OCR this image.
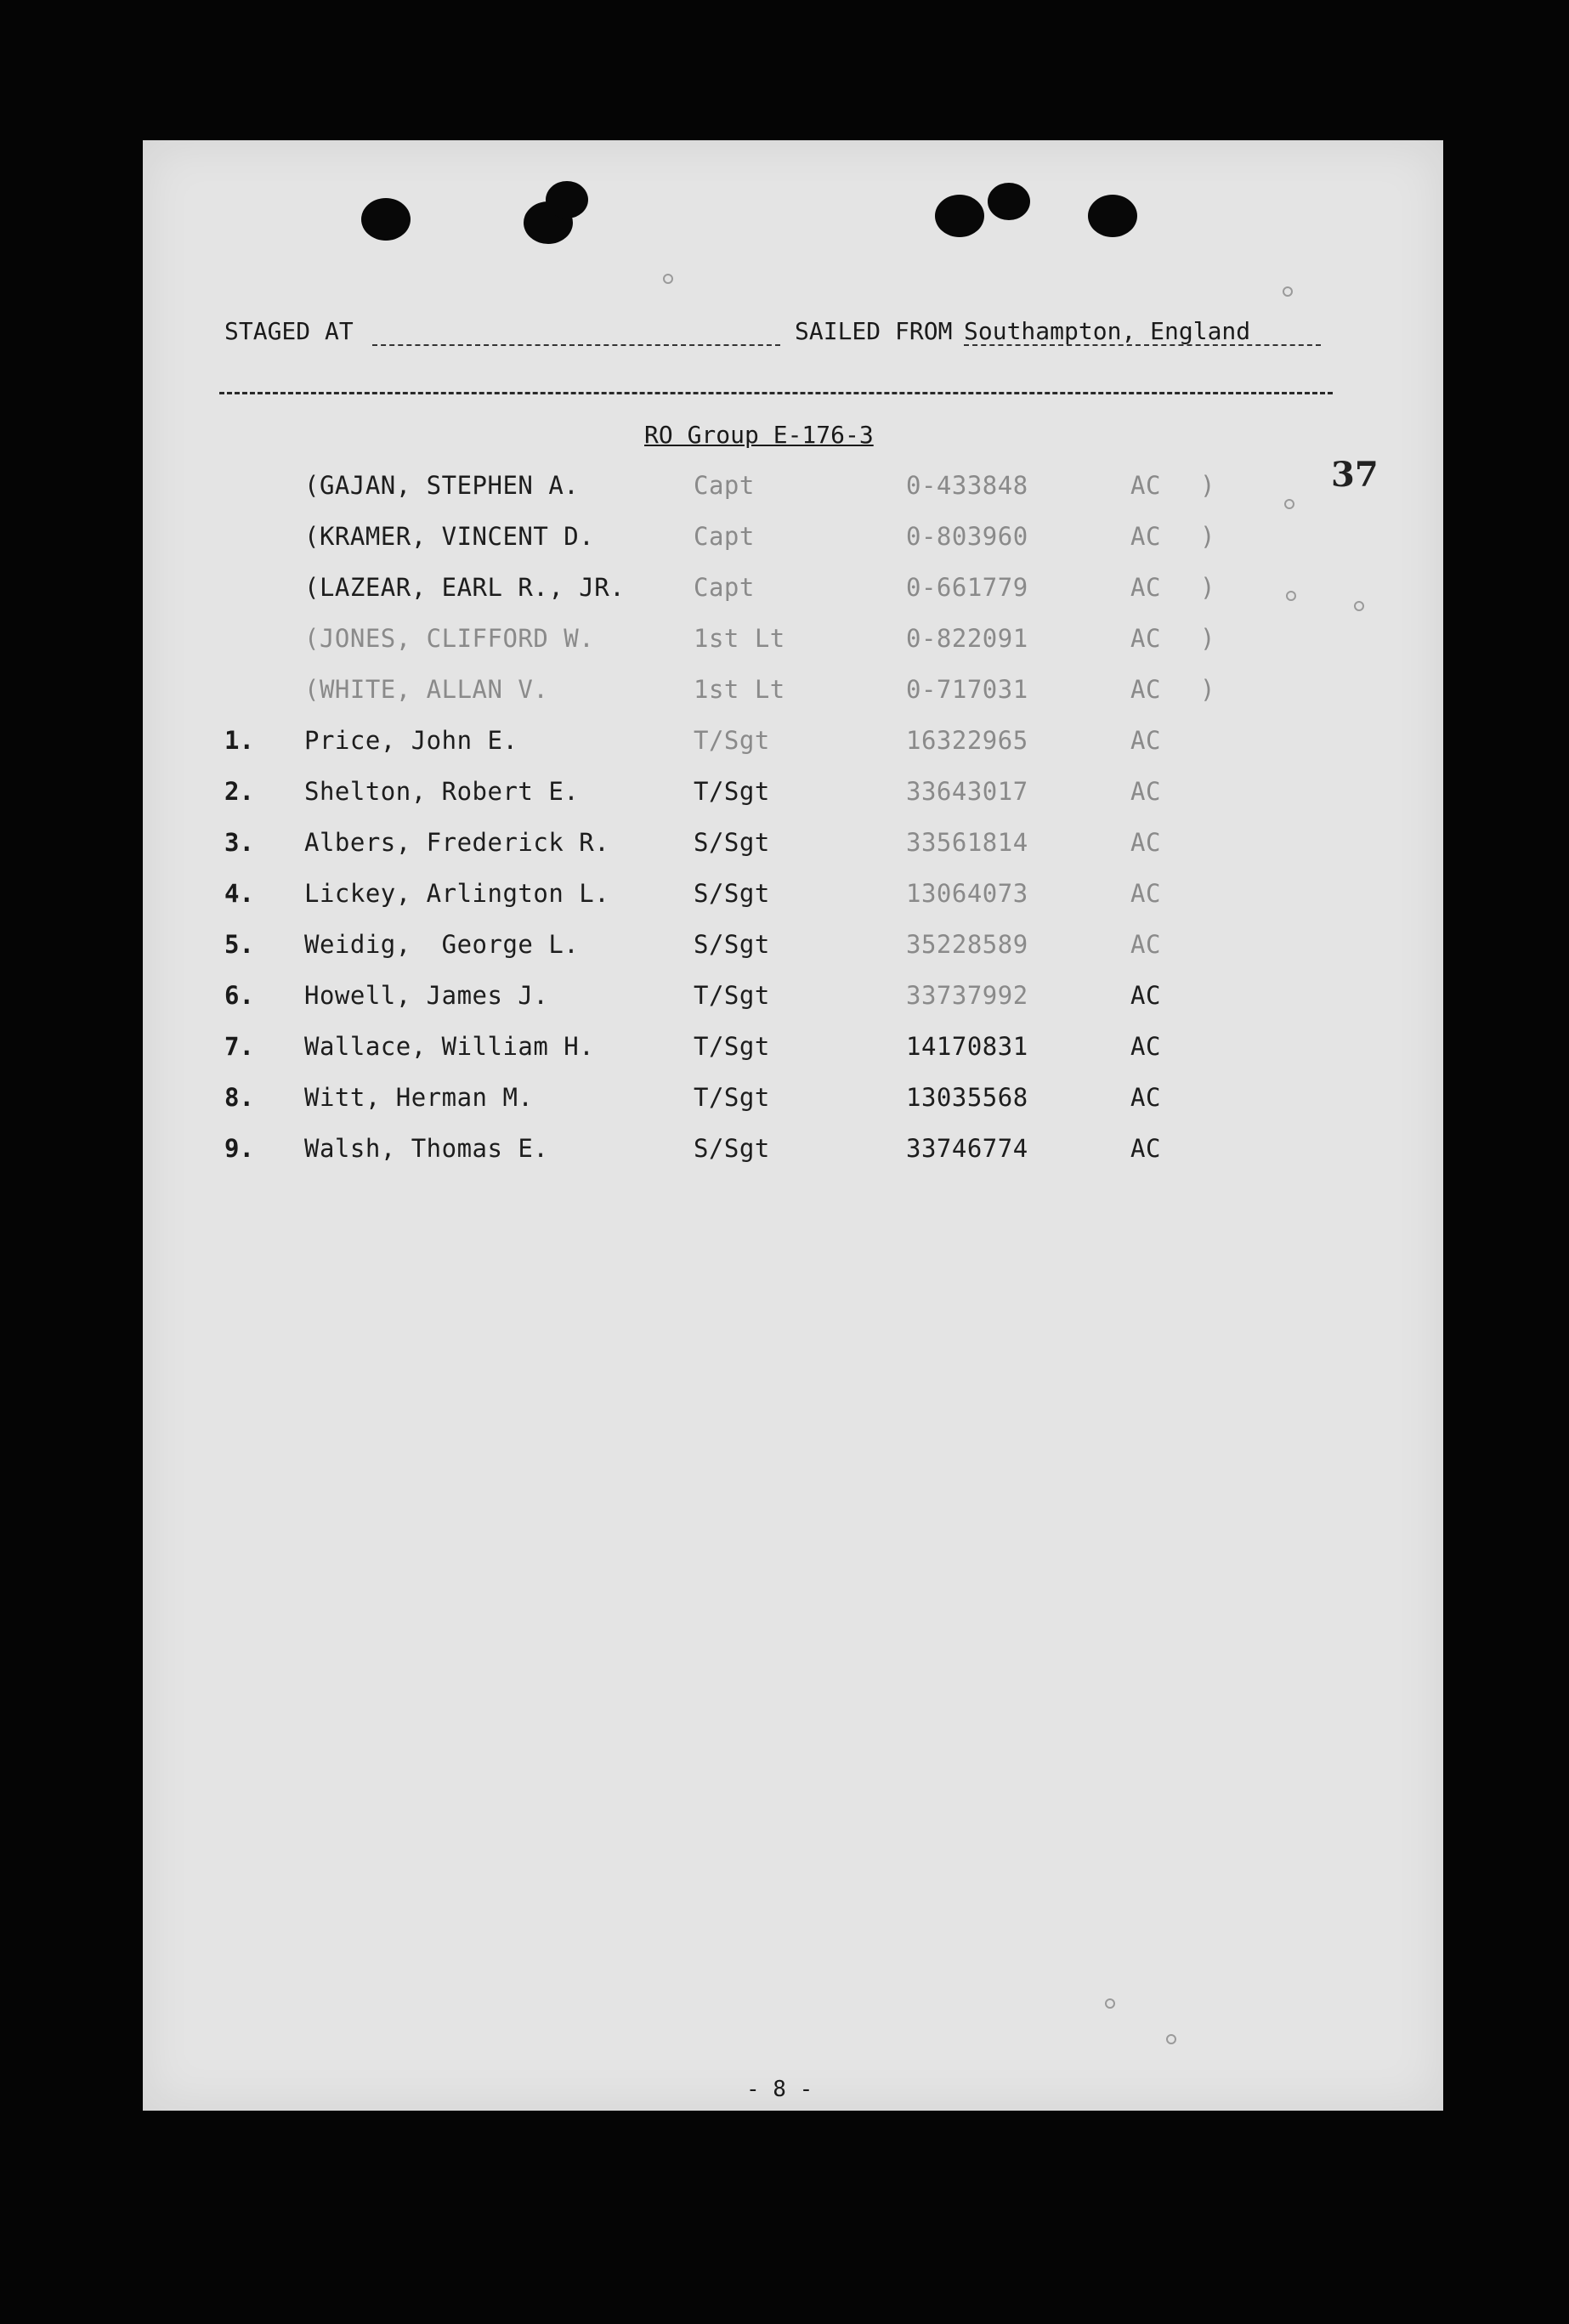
STAGED AT	SAILED FROM Southampton, England
RO Group E-176-3
37
(GAJAN, STEPHEN A.	Capt	0-433848	AC )
(KRAMER, VINCENT D.	Capt	0-803960	AC )
(LAZEAR, EARL R., JR.	Capt	0-661779	AC )
(JONES, CLIFFORD W.	1st Lt	0-822091	AC )
(WHITE, ALLAN V.	1st Lt	0-717031	AC )
1. Price, John E.	T/Sgt	16322965	AC
2. Shelton, Robert E.	T/Sgt	33643017	AC
3. Albers, Frederick R.	S/Sgt	33561814	AC
4. Lickey, Arlington L.	S/Sgt	13064073	AC
5. Weidig,  George L.	S/Sgt	35228589	AC
6. Howell, James J.	T/Sgt	33737992	AC
7. Wallace, William H.	T/Sgt	14170831	AC
8. Witt, Herman M.	T/Sgt	13035568	AC
9. Walsh, Thomas E.	S/Sgt	33746774	AC
- 8 -
